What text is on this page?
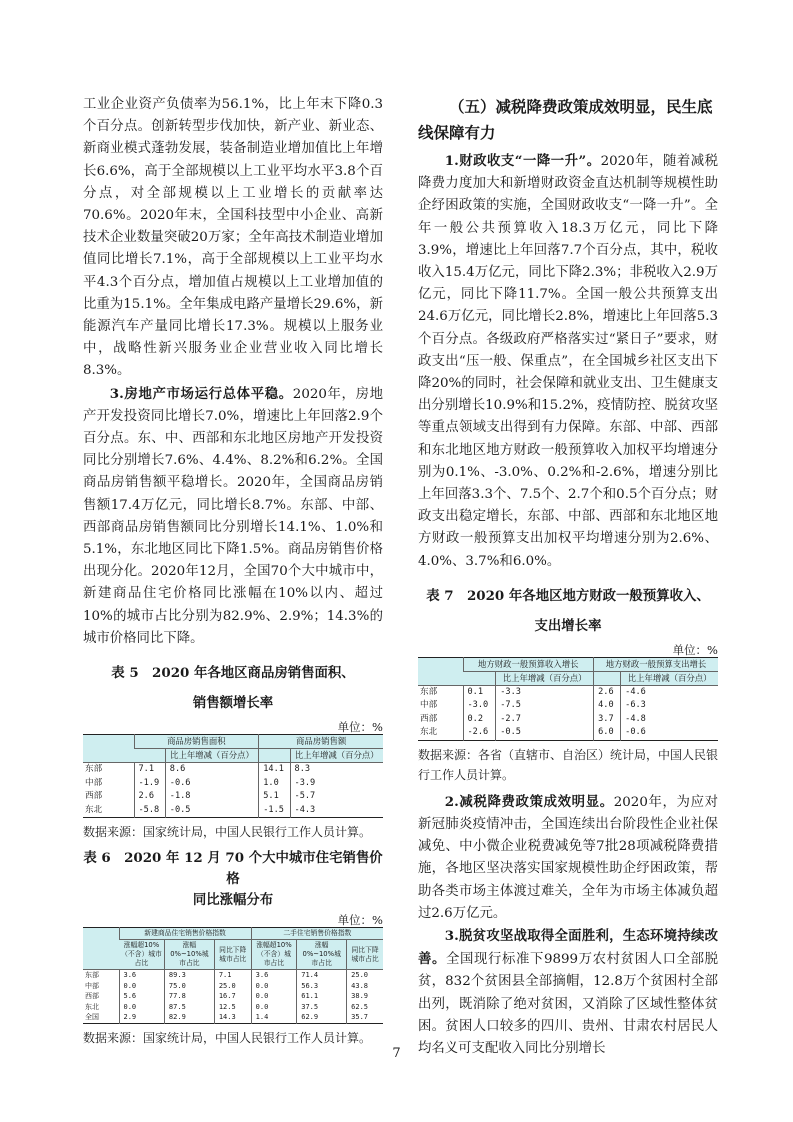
工业企业资产负债率为56.1%，比上年末下降0.3个百分点。创新转型步伐加快，新产业、新业态、新商业模式蓬勃发展，装备制造业增加值比上年增长6.6%，高于全部规模以上工业平均水平3.8个百分点，对全部规模以上工业增长的贡献率达70.6%。2020年末，全国科技型中小企业、高新技术企业数量突破20万家；全年高技术制造业增加值同比增长7.1%，高于全部规模以上工业平均水平4.3个百分点，增加值占规模以上工业增加值的比重为15.1%。全年集成电路产量增长29.6%，新能源汽车产量同比增长17.3%。规模以上服务业中，战略性新兴服务业企业营业收入同比增长8.3%。

3.房地产市场运行总体平稳。2020年，房地产开发投资同比增长7.0%，增速比上年回落2.9个百分点。东、中、西部和东北地区房地产开发投资同比分别增长7.6%、4.4%、8.2%和6.2%。全国商品房销售额平稳增长。2020年，全国商品房销售额17.4万亿元，同比增长8.7%。东部、中部、西部商品房销售额同比分别增长14.1%、1.0%和5.1%，东北地区同比下降1.5%。商品房销售价格出现分化。2020年12月，全国70个大中城市中，新建商品住宅价格同比涨幅在10%以内、超过10%的城市占比分别为82.9%、2.9%；14.3%的城市价格同比下降。

表 5　2020 年各地区商品房销售面积、
销售额增长率
单位：%
	商品房销售面积		商品房销售额	
		比上年增减（百分点）		比上年增减（百分点）
东部	7.1	8.6	14.1	8.3
中部	-1.9	-0.6	1.0	-3.9
西部	2.6	-1.8	5.1	-5.7
东北	-5.8	-0.5	-1.5	-4.3
数据来源：国家统计局，中国人民银行工作人员计算。
表 6　2020 年 12 月 70 个大中城市住宅销售价格
同比涨幅分布
单位：%
	新建商品住宅销售价格指数			二手住宅销售价格指数		
	涨幅超10%（不含）城市占比	涨幅0%~10%城市占比	同比下降城市占比	涨幅超10%（不含）城市占比	涨幅0%~10%城市占比	同比下降城市占比
东部	3.6	89.3	7.1	3.6	71.4	25.0
中部	0.0	75.0	25.0	0.0	56.3	43.8
西部	5.6	77.8	16.7	0.0	61.1	38.9
东北	0.0	87.5	12.5	0.0	37.5	62.5
全国	2.9	82.9	14.3	1.4	62.9	35.7
数据来源：国家统计局，中国人民银行工作人员计算。
（五）减税降费政策成效明显，民生底线保障有力

1.财政收支“一降一升”。2020年，随着减税降费力度加大和新增财政资金直达机制等规模性助企纾困政策的实施，全国财政收支“一降一升”。全年一般公共预算收入18.3万亿元，同比下降3.9%，增速比上年回落7.7个百分点，其中，税收收入15.4万亿元，同比下降2.3%；非税收入2.9万亿元，同比下降11.7%。全国一般公共预算支出24.6万亿元，同比增长2.8%，增速比上年回落5.3个百分点。各级政府严格落实过“紧日子”要求，财政支出“压一般、保重点”，在全国城乡社区支出下降20%的同时，社会保障和就业支出、卫生健康支出分别增长10.9%和15.2%，疫情防控、脱贫攻坚等重点领域支出得到有力保障。东部、中部、西部和东北地区地方财政一般预算收入加权平均增速分别为0.1%、-3.0%、0.2%和-2.6%，增速分别比上年回落3.3个、7.5个、2.7个和0.5个百分点；财政支出稳定增长，东部、中部、西部和东北地区地方财政一般预算支出加权平均增速分别为2.6%、4.0%、3.7%和6.0%。

表 7　2020 年各地区地方财政一般预算收入、
支出增长率
单位：%
	地方财政一般预算收入增长		地方财政一般预算支出增长	
		比上年增减（百分点）		比上年增减（百分点）
东部	0.1	-3.3	2.6	-4.6
中部	-3.0	-7.5	4.0	-6.3
西部	0.2	-2.7	3.7	-4.8
东北	-2.6	-0.5	6.0	-0.6
数据来源：各省（直辖市、自治区）统计局，中国人民银行工作人员计算。

2.减税降费政策成效明显。2020年，为应对新冠肺炎疫情冲击，全国连续出台阶段性企业社保减免、中小微企业税费减免等7批28项减税降费措施，各地区坚决落实国家规模性助企纾困政策，帮助各类市场主体渡过难关，全年为市场主体减负超过2.6万亿元。

3.脱贫攻坚战取得全面胜利，生态环境持续改善。全国现行标准下9899万农村贫困人口全部脱贫，832个贫困县全部摘帽，12.8万个贫困村全部出列，既消除了绝对贫困，又消除了区域性整体贫困。贫困人口较多的四川、贵州、甘肃农村居民人均名义可支配收入同比分别增长

7
